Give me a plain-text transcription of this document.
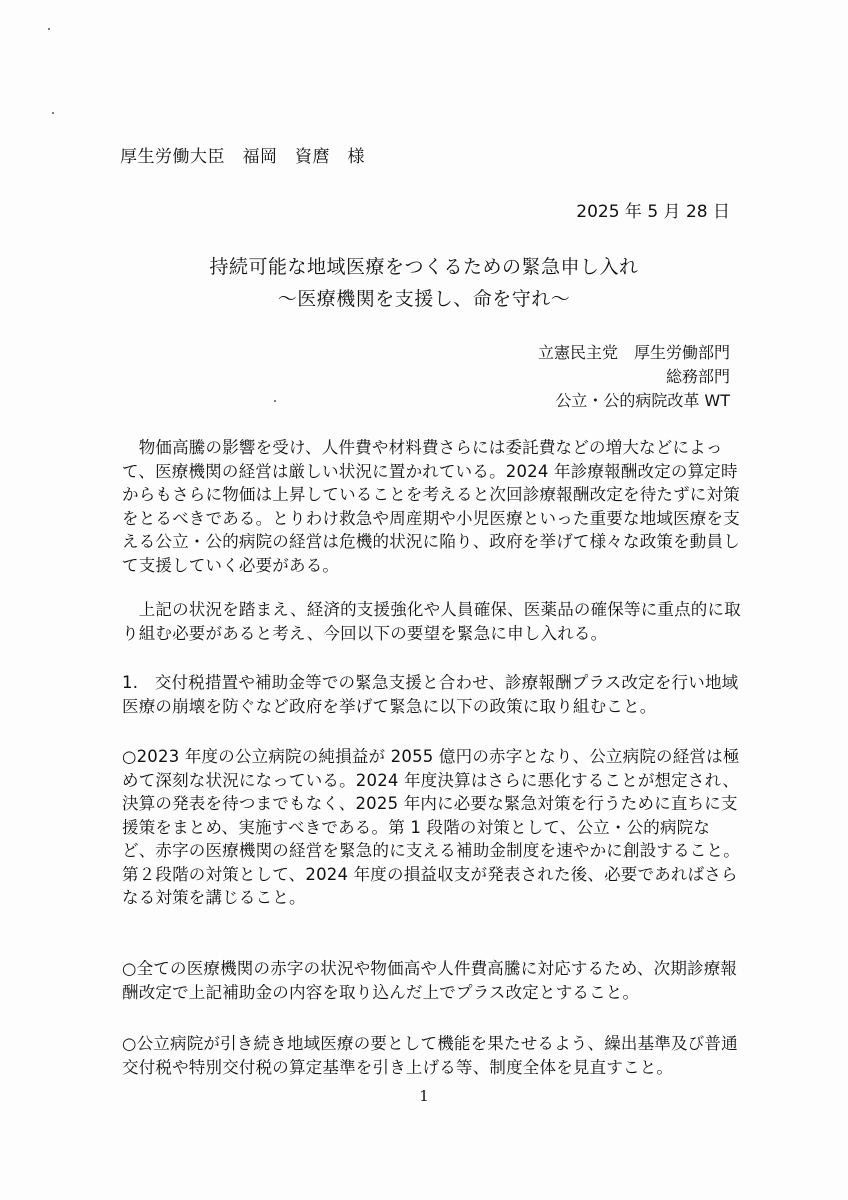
厚生労働大臣　福岡　資麿　様
2025 年 5 月 28 日
持続可能な地域医療をつくるための緊急申し入れ
～医療機関を支援し、命を守れ～
立憲民主党　厚生労働部門
総務部門
公立・公的病院改革 WT

　物価高騰の影響を受け、人件費や材料費さらには委託費などの増大などによって、医療機関の経営は厳しい状況に置かれている。2024 年診療報酬改定の算定時からもさらに物価は上昇していることを考えると次回診療報酬改定を待たずに対策をとるべきである。とりわけ救急や周産期や小児医療といった重要な地域医療を支える公立・公的病院の経営は危機的状況に陥り、政府を挙げて様々な政策を動員して支援していく必要がある。

　上記の状況を踏まえ、経済的支援強化や人員確保、医薬品の確保等に重点的に取り組む必要があると考え、今回以下の要望を緊急に申し入れる。

1.　交付税措置や補助金等での緊急支援と合わせ、診療報酬プラス改定を行い地域医療の崩壊を防ぐなど政府を挙げて緊急に以下の政策に取り組むこと。

○2023 年度の公立病院の純損益が 2055 億円の赤字となり、公立病院の経営は極めて深刻な状況になっている。2024 年度決算はさらに悪化することが想定され、決算の発表を待つまでもなく、2025 年内に必要な緊急対策を行うために直ちに支援策をまとめ、実施すべきである。第 1 段階の対策として、公立・公的病院など、赤字の医療機関の経営を緊急的に支える補助金制度を速やかに創設すること。第２段階の対策として、2024 年度の損益収支が発表された後、必要であればさらなる対策を講じること。

○全ての医療機関の赤字の状況や物価高や人件費高騰に対応するため、次期診療報酬改定で上記補助金の内容を取り込んだ上でプラス改定とすること。

○公立病院が引き続き地域医療の要として機能を果たせるよう、繰出基準及び普通交付税や特別交付税の算定基準を引き上げる等、制度全体を見直すこと。

1
